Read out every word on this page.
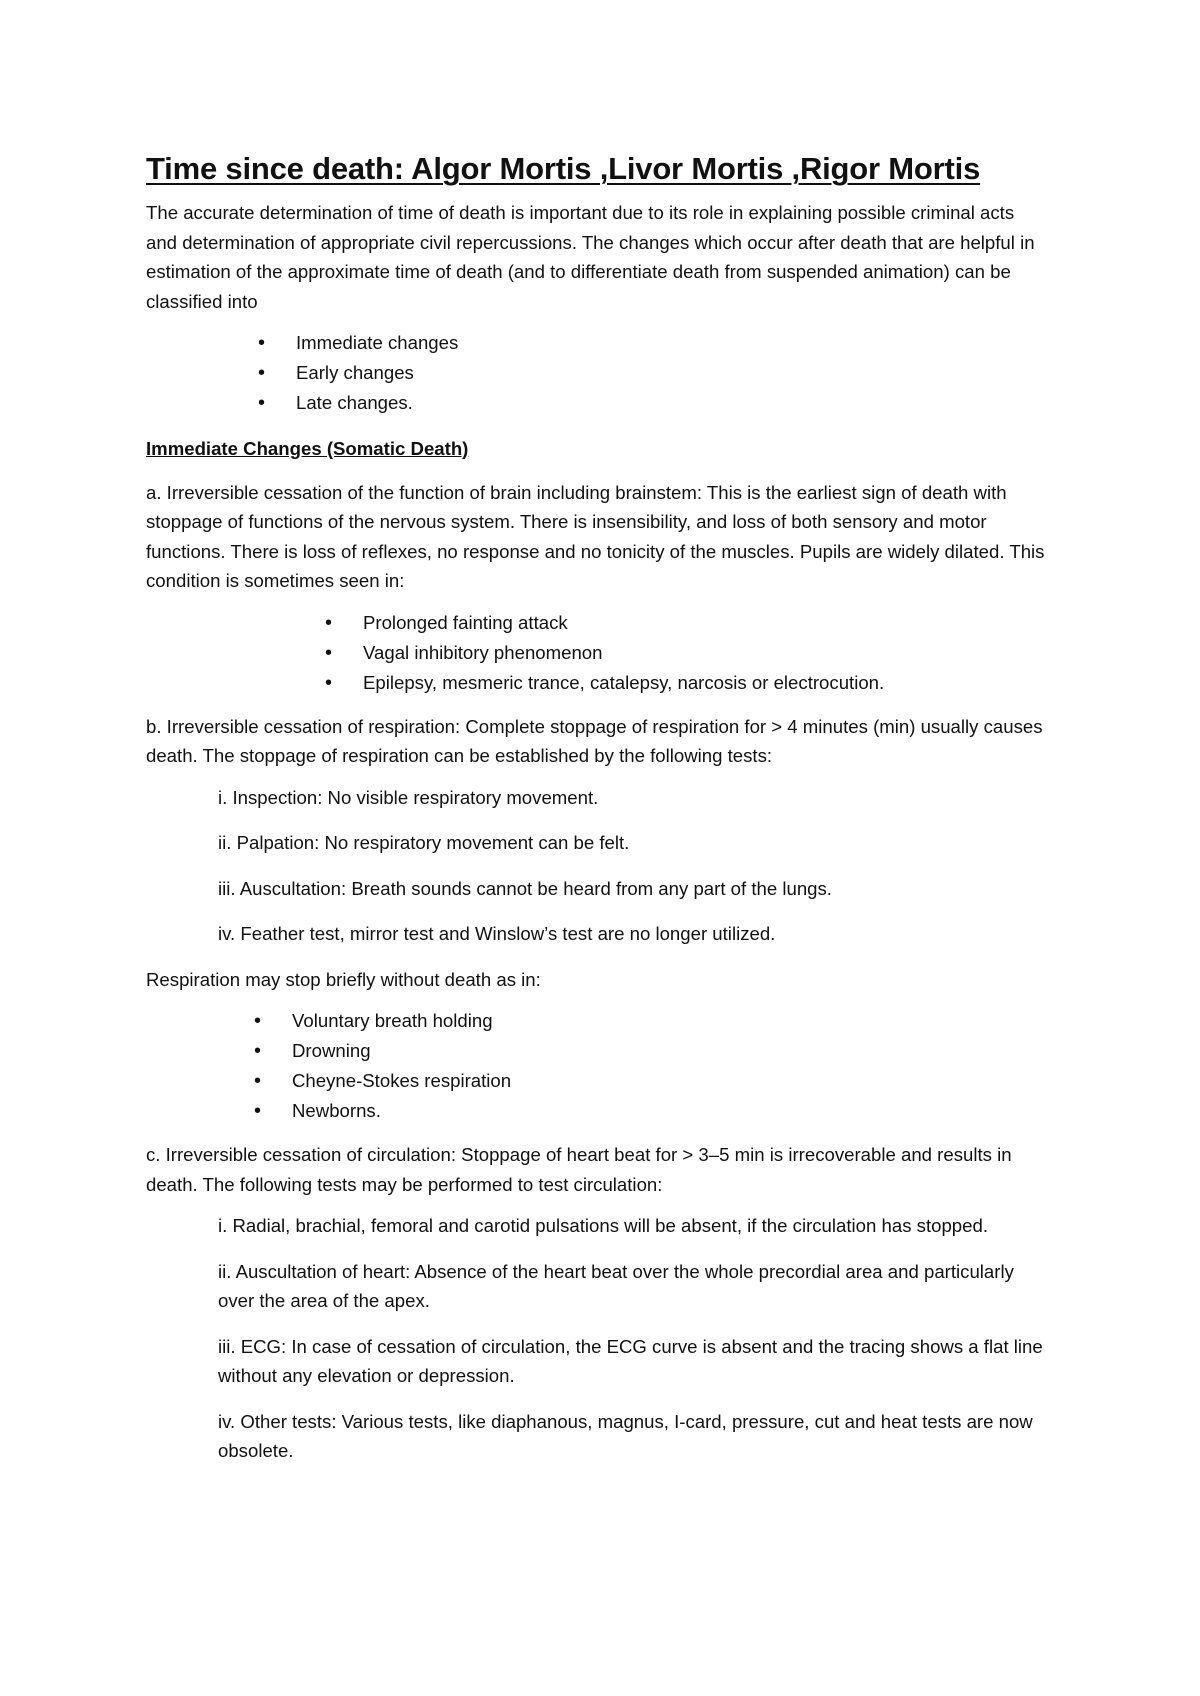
Time since death: Algor Mortis ,Livor Mortis ,Rigor Mortis

The accurate determination of time of death is important due to its role in explaining possible criminal acts and determination of appropriate civil repercussions. The changes which occur after death that are helpful in estimation of the approximate time of death (and to differentiate death from suspended animation) can be classified into

• Immediate changes
• Early changes
• Late changes.

Immediate Changes (Somatic Death)

a. Irreversible cessation of the function of brain including brainstem: This is the earliest sign of death with stoppage of functions of the nervous system. There is insensibility, and loss of both sensory and motor functions. There is loss of reflexes, no response and no tonicity of the muscles. Pupils are widely dilated. This condition is sometimes seen in:

• Prolonged fainting attack
• Vagal inhibitory phenomenon
• Epilepsy, mesmeric trance, catalepsy, narcosis or electrocution.

b. Irreversible cessation of respiration: Complete stoppage of respiration for > 4 minutes (min) usually causes death. The stoppage of respiration can be established by the following tests:

i. Inspection: No visible respiratory movement.

ii. Palpation: No respiratory movement can be felt.

iii. Auscultation: Breath sounds cannot be heard from any part of the lungs.

iv. Feather test, mirror test and Winslow’s test are no longer utilized.

Respiration may stop briefly without death as in:

• Voluntary breath holding
• Drowning
• Cheyne-Stokes respiration
• Newborns.

c. Irreversible cessation of circulation: Stoppage of heart beat for > 3–5 min is irrecoverable and results in death. The following tests may be performed to test circulation:

i. Radial, brachial, femoral and carotid pulsations will be absent, if the circulation has stopped.

ii. Auscultation of heart: Absence of the heart beat over the whole precordial area and particularly over the area of the apex.

iii. ECG: In case of cessation of circulation, the ECG curve is absent and the tracing shows a flat line without any elevation or depression.

iv. Other tests: Various tests, like diaphanous, magnus, I-card, pressure, cut and heat tests are now obsolete.
